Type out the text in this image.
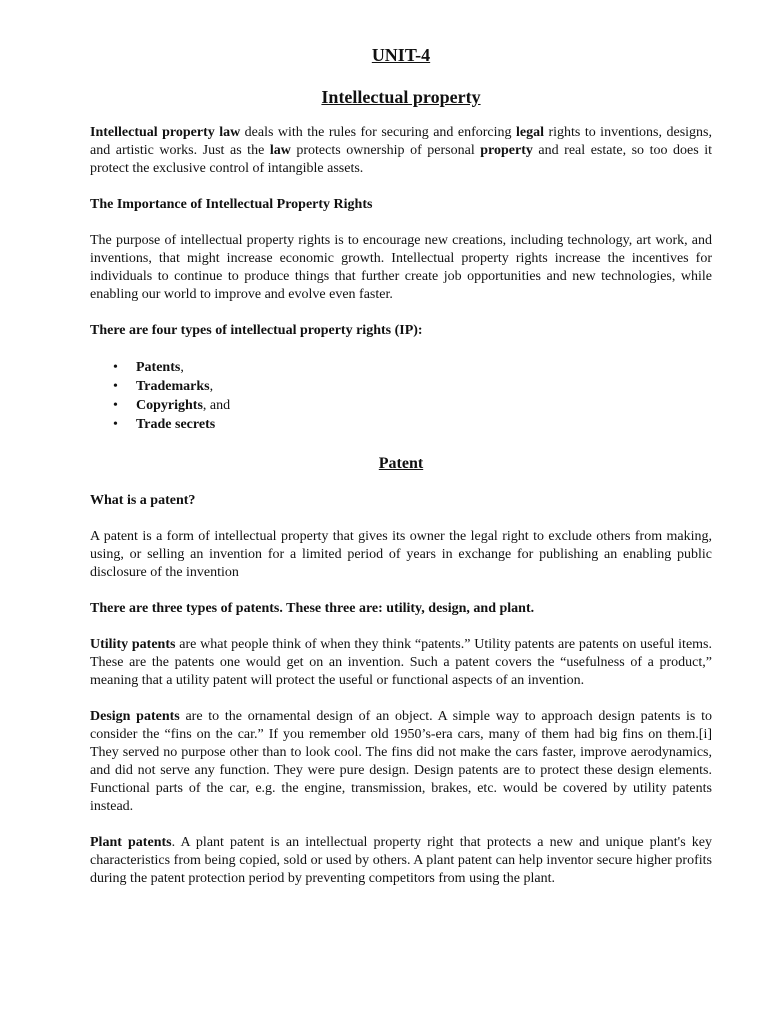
UNIT-4
Intellectual property

Intellectual property law deals with the rules for securing and enforcing legal rights to inventions, designs, and artistic works. Just as the law protects ownership of personal property and real estate, so too does it protect the exclusive control of intangible assets.

The Importance of Intellectual Property Rights

The purpose of intellectual property rights is to encourage new creations, including technology, art work, and inventions, that might increase economic growth. Intellectual property rights increase the incentives for individuals to continue to produce things that further create job opportunities and new technologies, while enabling our world to improve and evolve even faster.

There are four types of intellectual property rights (IP):

• Patents,
• Trademarks,
• Copyrights, and
• Trade secrets
Patent

What is a patent?

A patent is a form of intellectual property that gives its owner the legal right to exclude others from making, using, or selling an invention for a limited period of years in exchange for publishing an enabling public disclosure of the invention

There are three types of patents. These three are: utility, design, and plant.

Utility patents are what people think of when they think “patents.” Utility patents are patents on useful items. These are the patents one would get on an invention. Such a patent covers the “usefulness of a product,” meaning that a utility patent will protect the useful or functional aspects of an invention.

Design patents are to the ornamental design of an object. A simple way to approach design patents is to consider the “fins on the car.” If you remember old 1950’s-era cars, many of them had big fins on them.[i] They served no purpose other than to look cool. The fins did not make the cars faster, improve aerodynamics, and did not serve any function. They were pure design. Design patents are to protect these design elements. Functional parts of the car, e.g. the engine, transmission, brakes, etc. would be covered by utility patents instead.

Plant patents. A plant patent is an intellectual property right that protects a new and unique plant's key characteristics from being copied, sold or used by others. A plant patent can help inventor secure higher profits during the patent protection period by preventing competitors from using the plant.
